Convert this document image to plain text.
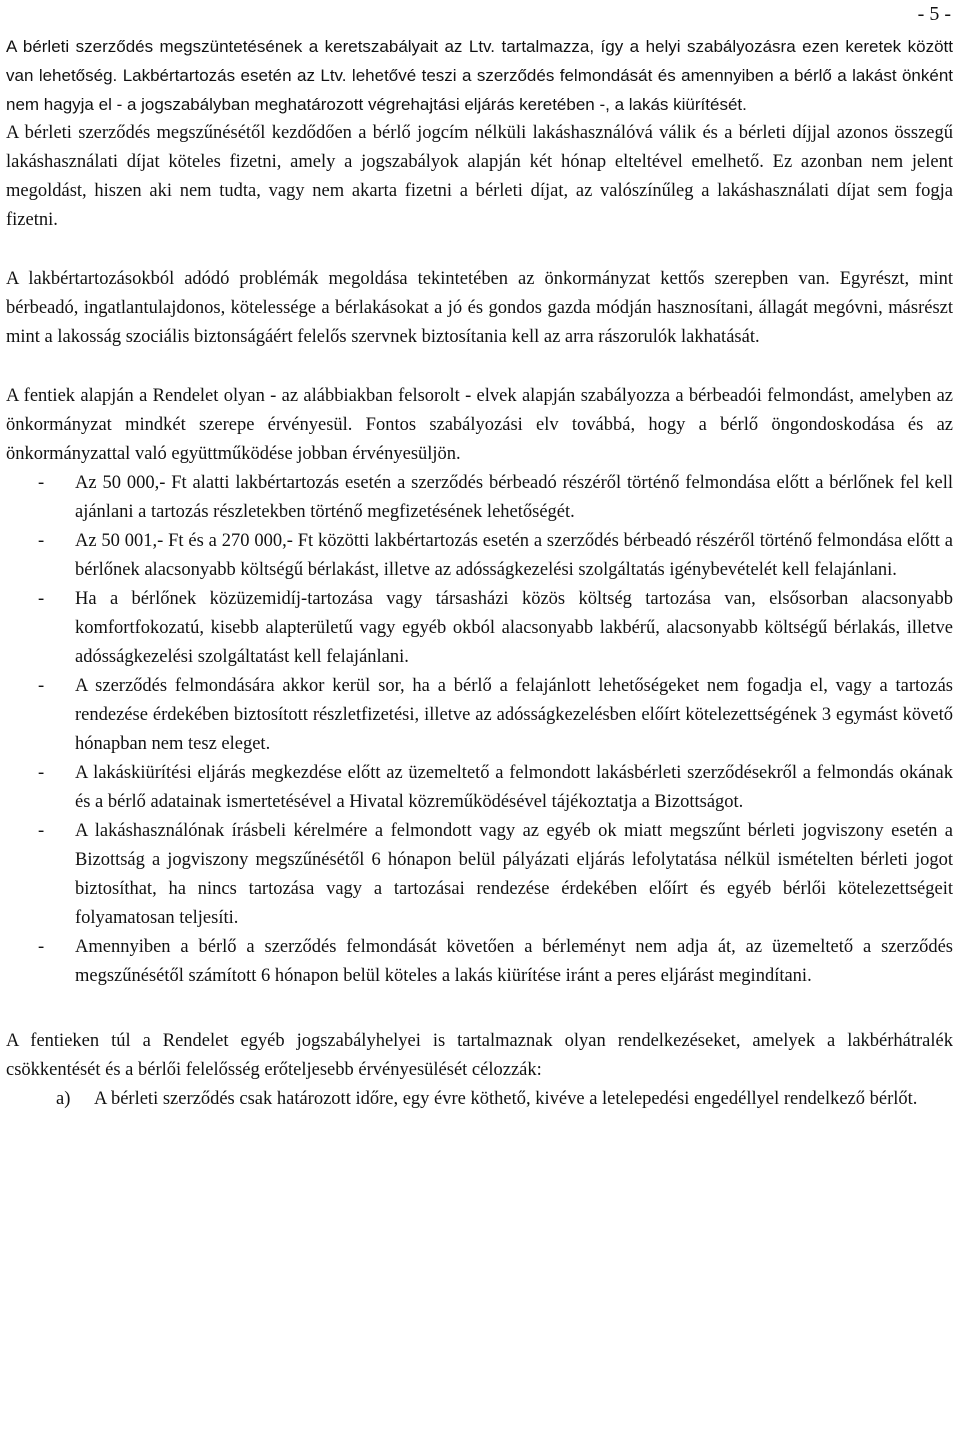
- 5 -

A bérleti szerződés megszüntetésének a keretszabályait az Ltv. tartalmazza, így a helyi szabályozásra ezen keretek között van lehetőség. Lakbértartozás esetén az Ltv. lehetővé teszi a szerződés felmondását és amennyiben a bérlő a lakást önként nem hagyja el - a jogszabályban meghatározott végrehajtási eljárás keretében -, a lakás kiürítését.

A bérleti szerződés megszűnésétől kezdődően a bérlő jogcím nélküli lakáshasználóvá válik és a bérleti díjjal azonos összegű lakáshasználati díjat köteles fizetni, amely a jogszabályok alapján két hónap elteltével emelhető. Ez azonban nem jelent megoldást, hiszen aki nem tudta, vagy nem akarta fizetni a bérleti díjat, az valószínűleg a lakáshasználati díjat sem fogja fizetni.

A lakbértartozásokból adódó problémák megoldása tekintetében az önkormányzat kettős szerepben van. Egyrészt, mint bérbeadó, ingatlantulajdonos, kötelessége a bérlakásokat a jó és gondos gazda módján hasznosítani, állagát megóvni, másrészt mint a lakosság szociális biztonságáért felelős szervnek biztosítania kell az arra rászorulók lakhatását.

A fentiek alapján a Rendelet olyan - az alábbiakban felsorolt - elvek alapján szabályozza a bérbeadói felmondást, amelyben az önkormányzat mindkét szerepe érvényesül. Fontos szabályozási elv továbbá, hogy a bérlő öngondoskodása és az önkormányzattal való együttműködése jobban érvényesüljön.

- Az 50 000,- Ft alatti lakbértartozás esetén a szerződés bérbeadó részéről történő felmondása előtt a bérlőnek fel kell ajánlani a tartozás részletekben történő megfizetésének lehetőségét.
- Az 50 001,- Ft és a 270 000,- Ft közötti lakbértartozás esetén a szerződés bérbeadó részéről történő felmondása előtt a bérlőnek alacsonyabb költségű bérlakást, illetve az adósságkezelési szolgáltatás igénybevételét kell felajánlani.
- Ha a bérlőnek közüzemidíj-tartozása vagy társasházi közös költség tartozása van, elsősorban alacsonyabb komfortfokozatú, kisebb alapterületű vagy egyéb okból alacsonyabb lakbérű, alacsonyabb költségű bérlakás, illetve adósságkezelési szolgáltatást kell felajánlani.
- A szerződés felmondására akkor kerül sor, ha a bérlő a felajánlott lehetőségeket nem fogadja el, vagy a tartozás rendezése érdekében biztosított részletfizetési, illetve az adósságkezelésben előírt kötelezettségének 3 egymást követő hónapban nem tesz eleget.
- A lakáskiürítési eljárás megkezdése előtt az üzemeltető a felmondott lakásbérleti szerződésekről a felmondás okának és a bérlő adatainak ismertetésével a Hivatal közreműködésével tájékoztatja a Bizottságot.
- A lakáshasználónak írásbeli kérelmére a felmondott vagy az egyéb ok miatt megszűnt bérleti jogviszony esetén a Bizottság a jogviszony megszűnésétől 6 hónapon belül pályázati eljárás lefolytatása nélkül ismételten bérleti jogot biztosíthat, ha nincs tartozása vagy a tartozásai rendezése érdekében előírt és egyéb bérlői kötelezettségeit folyamatosan teljesíti.
- Amennyiben a bérlő a szerződés felmondását követően a bérleményt nem adja át, az üzemeltető a szerződés megszűnésétől számított 6 hónapon belül köteles a lakás kiürítése iránt a peres eljárást megindítani.

A fentieken túl a Rendelet egyéb jogszabályhelyei is tartalmaznak olyan rendelkezéseket, amelyek a lakbérhátralék csökkentését és a bérlői felelősség erőteljesebb érvényesülését célozzák:

a) A bérleti szerződés csak határozott időre, egy évre köthető, kivéve a letelepedési engedéllyel rendelkező bérlőt.
